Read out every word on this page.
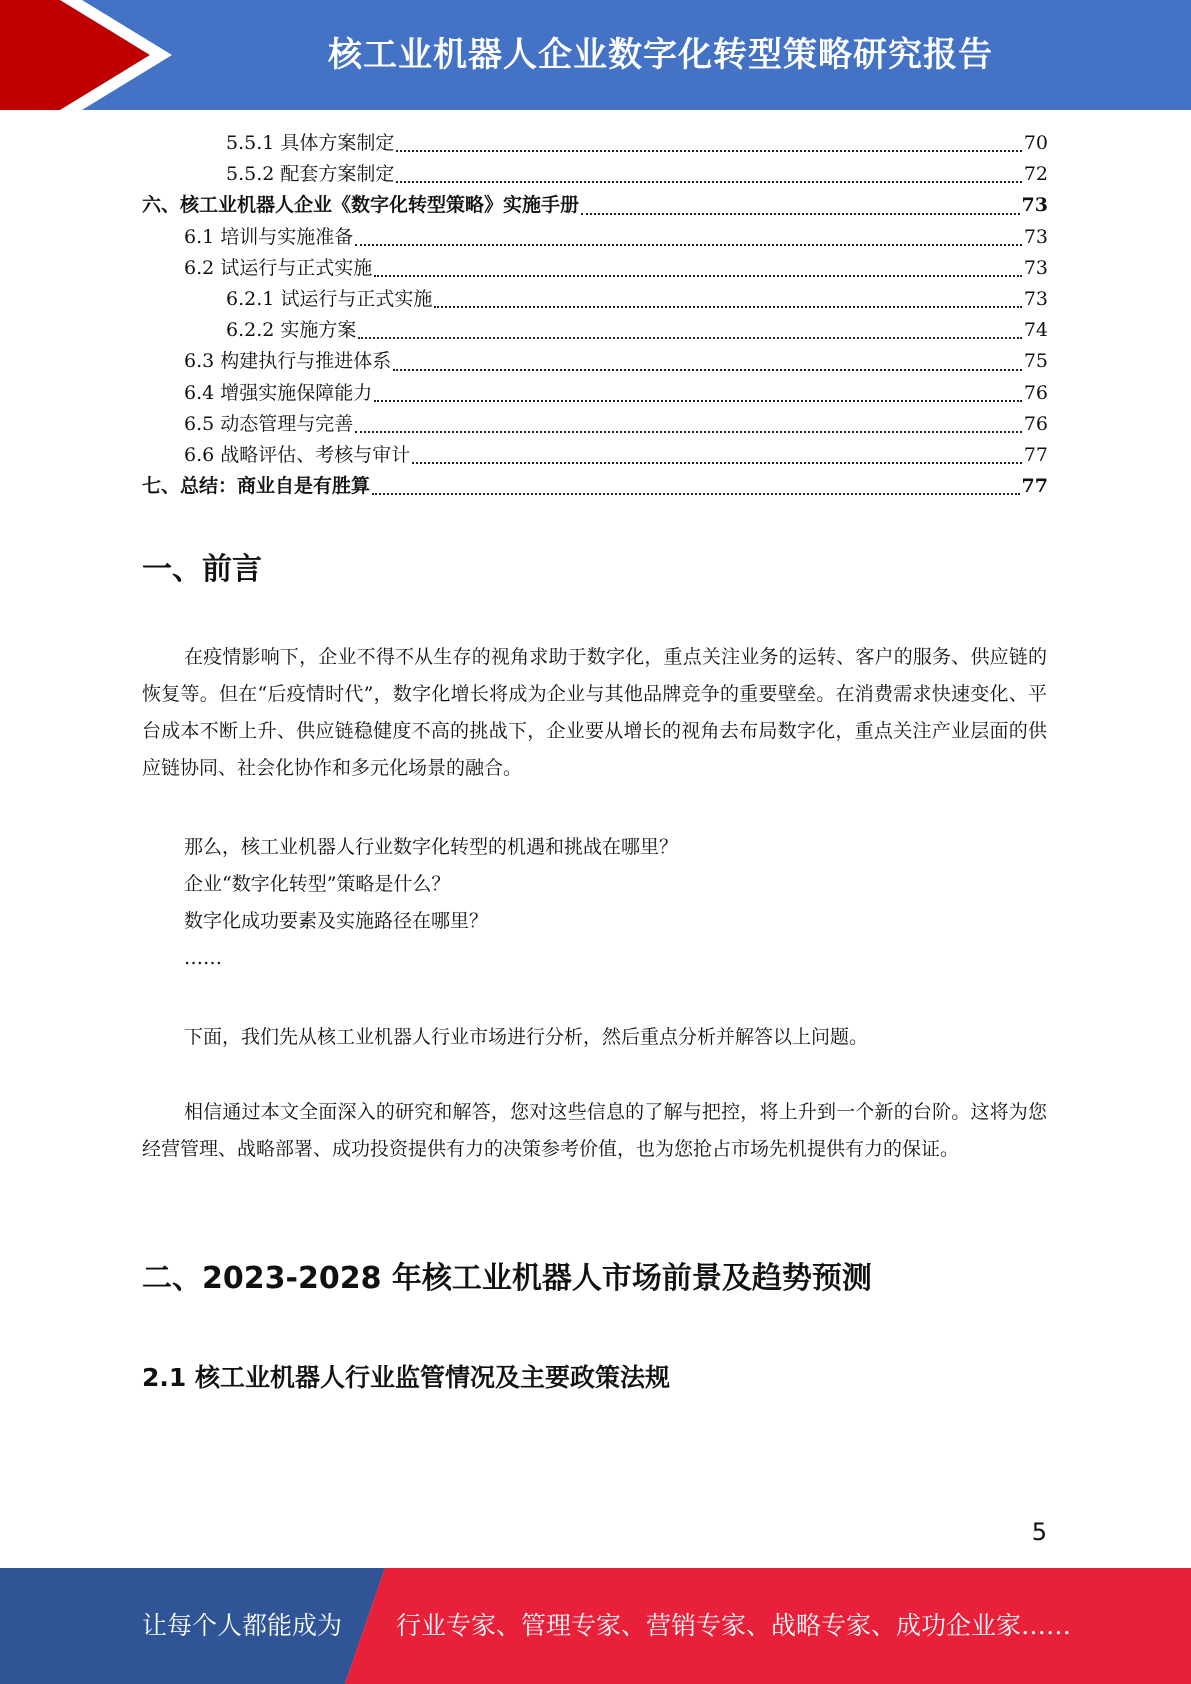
核工业机器人企业数字化转型策略研究报告
5.5.1 具体方案制定	70
5.5.2 配套方案制定	72
六、核工业机器人企业《数字化转型策略》实施手册	73
6.1 培训与实施准备	73
6.2 试运行与正式实施	73
6.2.1 试运行与正式实施	73
6.2.2 实施方案	74
6.3 构建执行与推进体系	75
6.4 增强实施保障能力	76
6.5 动态管理与完善	76
6.6 战略评估、考核与审计	77
七、总结：商业自是有胜算	77
一、前言
在疫情影响下，企业不得不从生存的视角求助于数字化，重点关注业务的运转、客户的服务、供应链的恢复等。但在“后疫情时代”，数字化增长将成为企业与其他品牌竞争的重要壁垒。在消费需求快速变化、平台成本不断上升、供应链稳健度不高的挑战下，企业要从增长的视角去布局数字化，重点关注产业层面的供应链协同、社会化协作和多元化场景的融合。
那么，核工业机器人行业数字化转型的机遇和挑战在哪里？
企业“数字化转型”策略是什么？
数字化成功要素及实施路径在哪里？
……
下面，我们先从核工业机器人行业市场进行分析，然后重点分析并解答以上问题。
相信通过本文全面深入的研究和解答，您对这些信息的了解与把控，将上升到一个新的台阶。这将为您经营管理、战略部署、成功投资提供有力的决策参考价值，也为您抢占市场先机提供有力的保证。
二、2023-2028 年核工业机器人市场前景及趋势预测
2.1 核工业机器人行业监管情况及主要政策法规
5
让每个人都能成为 行业专家、管理专家、营销专家、战略专家、成功企业家……
